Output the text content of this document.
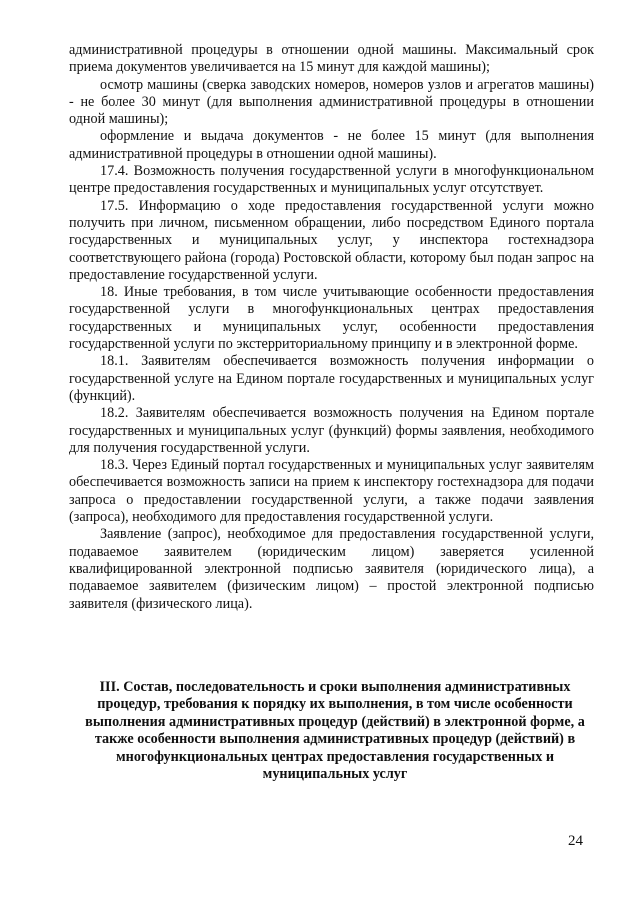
административной процедуры в отношении одной машины. Максимальный срок приема документов увеличивается на 15 минут для каждой машины);

осмотр машины (сверка заводских номеров, номеров узлов и агрегатов машины) - не более 30 минут (для выполнения административной процедуры в отношении одной машины);

оформление и выдача документов - не более 15 минут (для выполнения административной процедуры в отношении одной машины).

17.4. Возможность получения государственной услуги в многофункциональном центре предоставления государственных и муниципальных услуг отсутствует.

17.5. Информацию о ходе предоставления государственной услуги можно получить при личном, письменном обращении, либо посредством Единого портала государственных и муниципальных услуг, у инспектора гостехнадзора соответствующего района (города) Ростовской области, которому был подан запрос на предоставление государственной услуги.

18. Иные требования, в том числе учитывающие особенности предоставления государственной услуги в многофункциональных центрах предоставления государственных и муниципальных услуг, особенности предоставления государственной услуги по экстерриториальному принципу и в электронной форме.

18.1. Заявителям обеспечивается возможность получения информации о государственной услуге на Едином портале государственных и муниципальных услуг (функций).

18.2. Заявителям обеспечивается возможность получения на Едином портале государственных и муниципальных услуг (функций) формы заявления, необходимого для получения государственной услуги.

18.3. Через Единый портал государственных и муниципальных услуг заявителям обеспечивается возможность записи на прием к инспектору гостехнадзора для подачи запроса о предоставлении государственной услуги, а также подачи заявления (запроса), необходимого для предоставления государственной услуги.

Заявление (запрос), необходимое для предоставления государственной услуги, подаваемое заявителем (юридическим лицом) заверяется усиленной квалифицированной электронной подписью заявителя (юридического лица), а подаваемое заявителем (физическим лицом) – простой электронной подписью заявителя (физического лица).

III. Состав, последовательность и сроки выполнения административных процедур, требования к порядку их выполнения, в том числе особенности выполнения административных процедур (действий) в электронной форме, а также особенности выполнения административных процедур (действий) в многофункциональных центрах предоставления государственных и муниципальных услуг
24
